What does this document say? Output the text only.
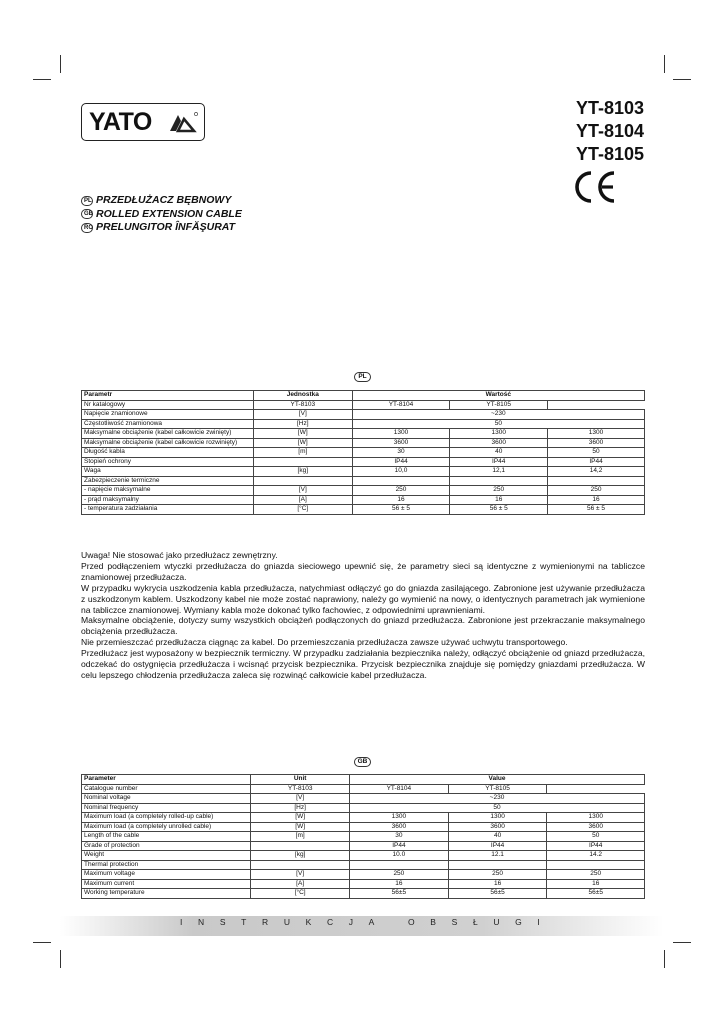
YATO	YT-8103
YT-8104
YT-8105
PL PRZEDŁUŻACZ BĘBNOWY
GB ROLLED EXTENSION CABLE
RO PRELUNGITOR ÎNFĂŞURAT
PL
Parametr	Jednostka	Wartość		
Nr katalogowy	YT-8103	YT-8104	YT-8105	
Napięcie znamionowe	[V]	~230		
Częstotliwość znamionowa	[Hz]	50		
Maksymalne obciążenie (kabel całkowicie zwinięty)	[W]	1300	1300	1300
Maksymalne obciążenie (kabel całkowicie rozwinięty)	[W]	3600	3600	3600
Długość kabla	[m]	30	40	50
Stopień ochrony		IP44	IP44	IP44
Waga	[kg]	10,0	12,1	14,2
Zabezpieczenie termiczne				
- napięcie maksymalne	[V]	250	250	250
- prąd maksymalny	[A]	16	16	16
- temperatura zadziałania	[°C]	56 ± 5	56 ± 5	56 ± 5

Uwaga! Nie stosować jako przedłużacz zewnętrzny.

Przed podłączeniem wtyczki przedłużacza do gniazda sieciowego upewnić się, że parametry sieci są identyczne z wymienionymi na tabliczce znamionowej przedłużacza.

W przypadku wykrycia uszkodzenia kabla przedłużacza, natychmiast odłączyć go do gniazda zasilającego. Zabronione jest używanie przedłużacza z uszkodzonym kablem. Uszkodzony kabel nie może zostać naprawiony, należy go wymienić na nowy, o identycznych parametrach jak wymienione na tabliczce znamionowej. Wymiany kabla może dokonać tylko fachowiec, z odpowiednimi uprawnieniami.

Maksymalne obciążenie, dotyczy sumy wszystkich obciążeń podłączonych do gniazd przedłużacza. Zabronione jest przekraczanie maksymalnego obciążenia przedłużacza.

Nie przemieszczać przedłużacza ciągnąc za kabel. Do przemieszczania przedłużacza zawsze używać uchwytu transportowego.

Przedłużacz jest wyposażony w bezpiecznik termiczny. W przypadku zadziałania bezpiecznika należy, odłączyć obciążenie od gniazd przedłużacza, odczekać do ostygnięcia przedłużacza i wcisnąć przycisk bezpiecznika. Przycisk bezpiecznika znajduje się pomiędzy gniazdami przedłużacza. W celu lepszego chłodzenia przedłużacza zaleca się rozwinąć całkowicie kabel przedłużacza.

GB
Parameter	Unit	Value		
Catalogue number	YT-8103	YT-8104	YT-8105	
Nominal voltage	[V]	~230		
Nominal frequency	[Hz]	50		
Maximum load (a completely rolled-up cable)	[W]	1300	1300	1300
Maximum load (a completely unrolled cable)	[W]	3600	3600	3600
Length of the cable	[m]	30	40	50
Grade of protection		IP44	IP44	IP44
Weight	[kg]	10.0	12.1	14.2
Thermal protection				
Maximum voltage	[V]	250	250	250
Maximum current	[A]	16	16	16
Working temperature	[°C]	56±5	56±5	56±5
I N S T R U K C J A
	O B S Ł U G I
